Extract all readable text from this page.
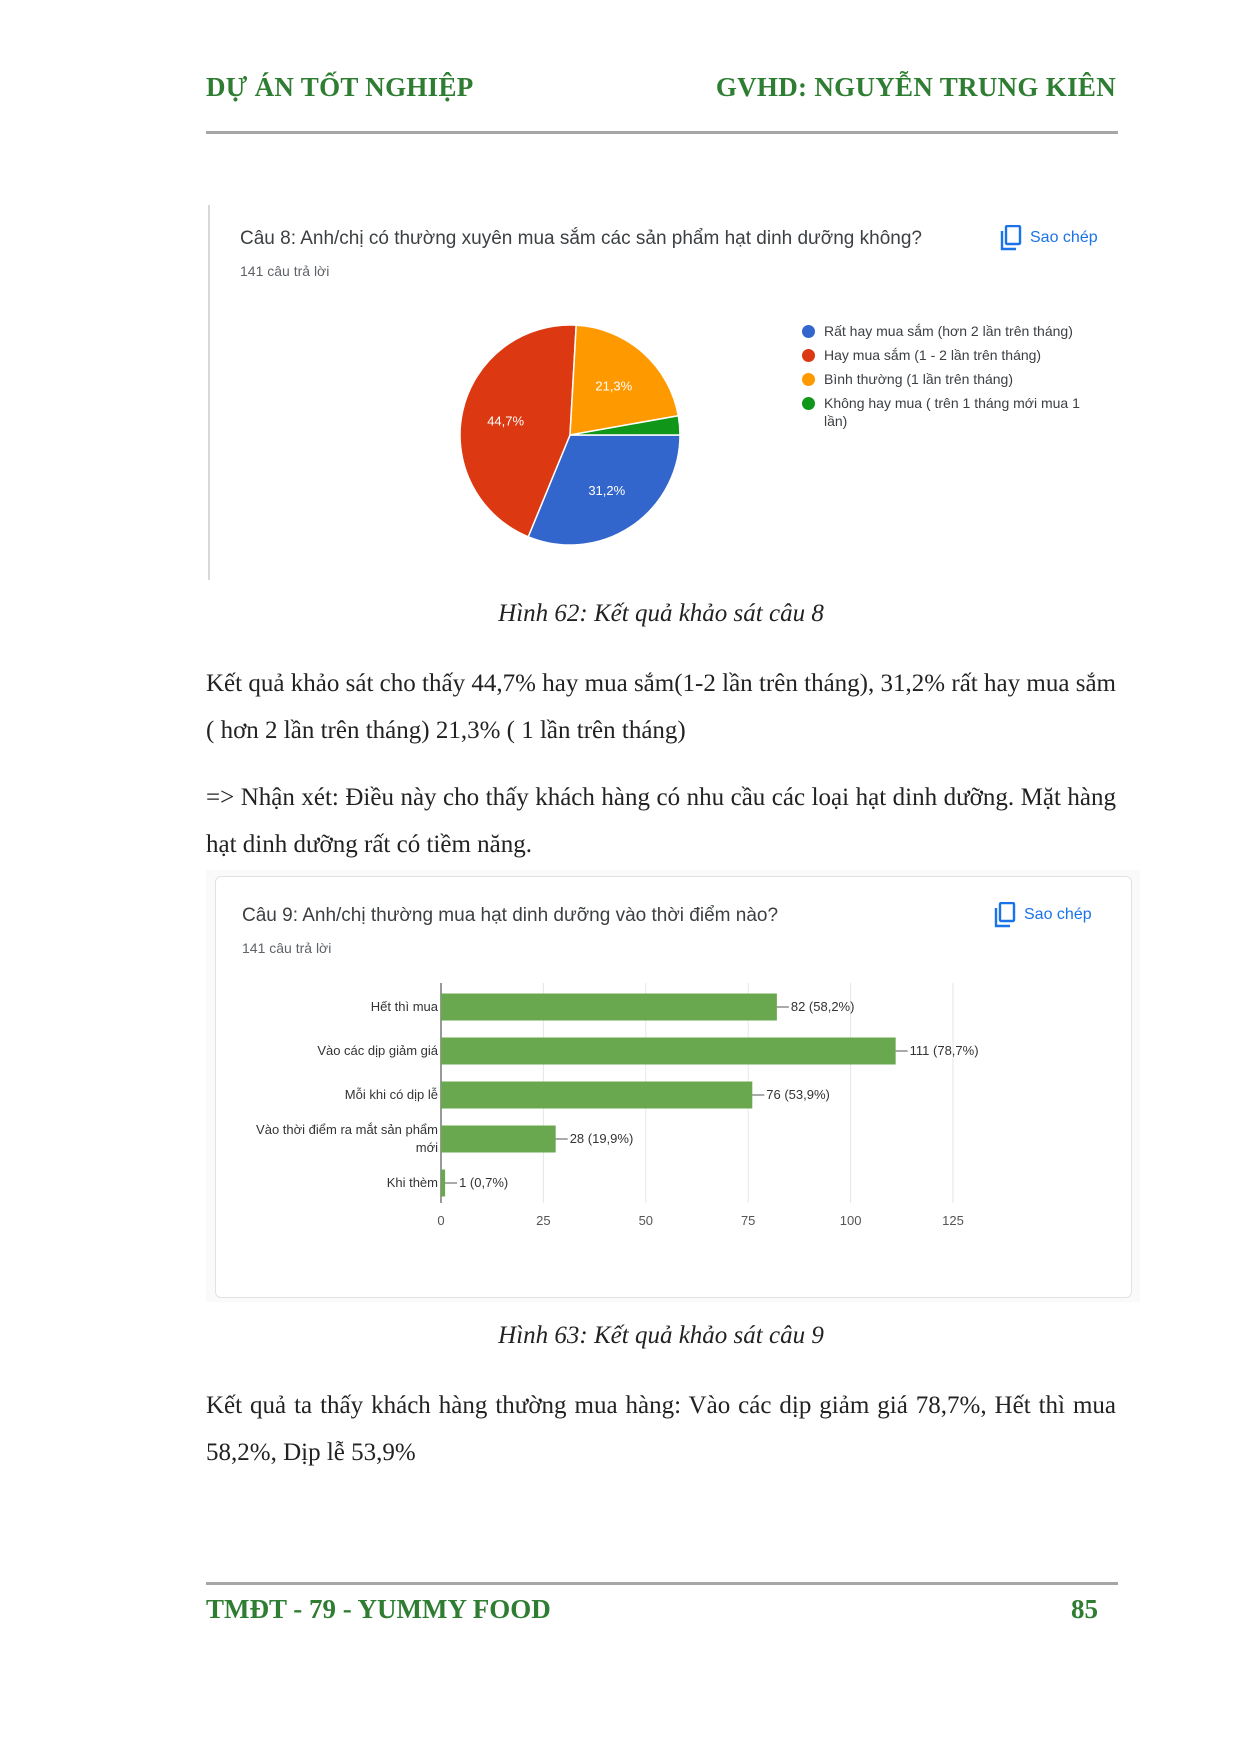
DỰ ÁN TỐT NGHIỆP	GVHD: NGUYỄN TRUNG KIÊN
Câu 8: Anh/chị có thường xuyên mua sắm các sản phẩm hạt dinh dưỡng không?
141 câu trả lời
Sao chép
31,2%
44,7%
21,3%
Rất hay mua sắm (hơn 2 lần trên tháng)
Hay mua sắm (1 - 2 lần trên tháng)
Bình thường (1 lần trên tháng)
Không hay mua ( trên 1 tháng mới mua 1 lần)
Hình 62: Kết quả khảo sát câu 8
Kết quả khảo sát cho thấy 44,7% hay mua sắm(1-2 lần trên tháng), 31,2% rất hay mua sắm ( hơn 2 lần trên tháng) 21,3% ( 1 lần trên tháng)
=> Nhận xét: Điều này cho thấy khách hàng có nhu cầu các loại hạt dinh dưỡng. Mặt hàng hạt dinh dưỡng rất có tiềm năng.
Câu 9: Anh/chị thường mua hạt dinh dưỡng vào thời điểm nào?
141 câu trả lời
Sao chép
0	25	50	75	100	125
Hết thì mua	82 (58,2%)
Vào các dịp giảm giá	111 (78,7%)
Mỗi khi có dịp lễ	76 (53,9%)
Vào thời điểm ra mắt sản phẩm mới
28 (19,9%)
Khi thèm 1 (0,7%)
Hình 63: Kết quả khảo sát câu 9
Kết quả ta thấy khách hàng thường mua hàng: Vào các dịp giảm giá 78,7%, Hết thì mua 58,2%, Dịp lễ 53,9%
TMĐT - 79 - YUMMY FOOD	85
